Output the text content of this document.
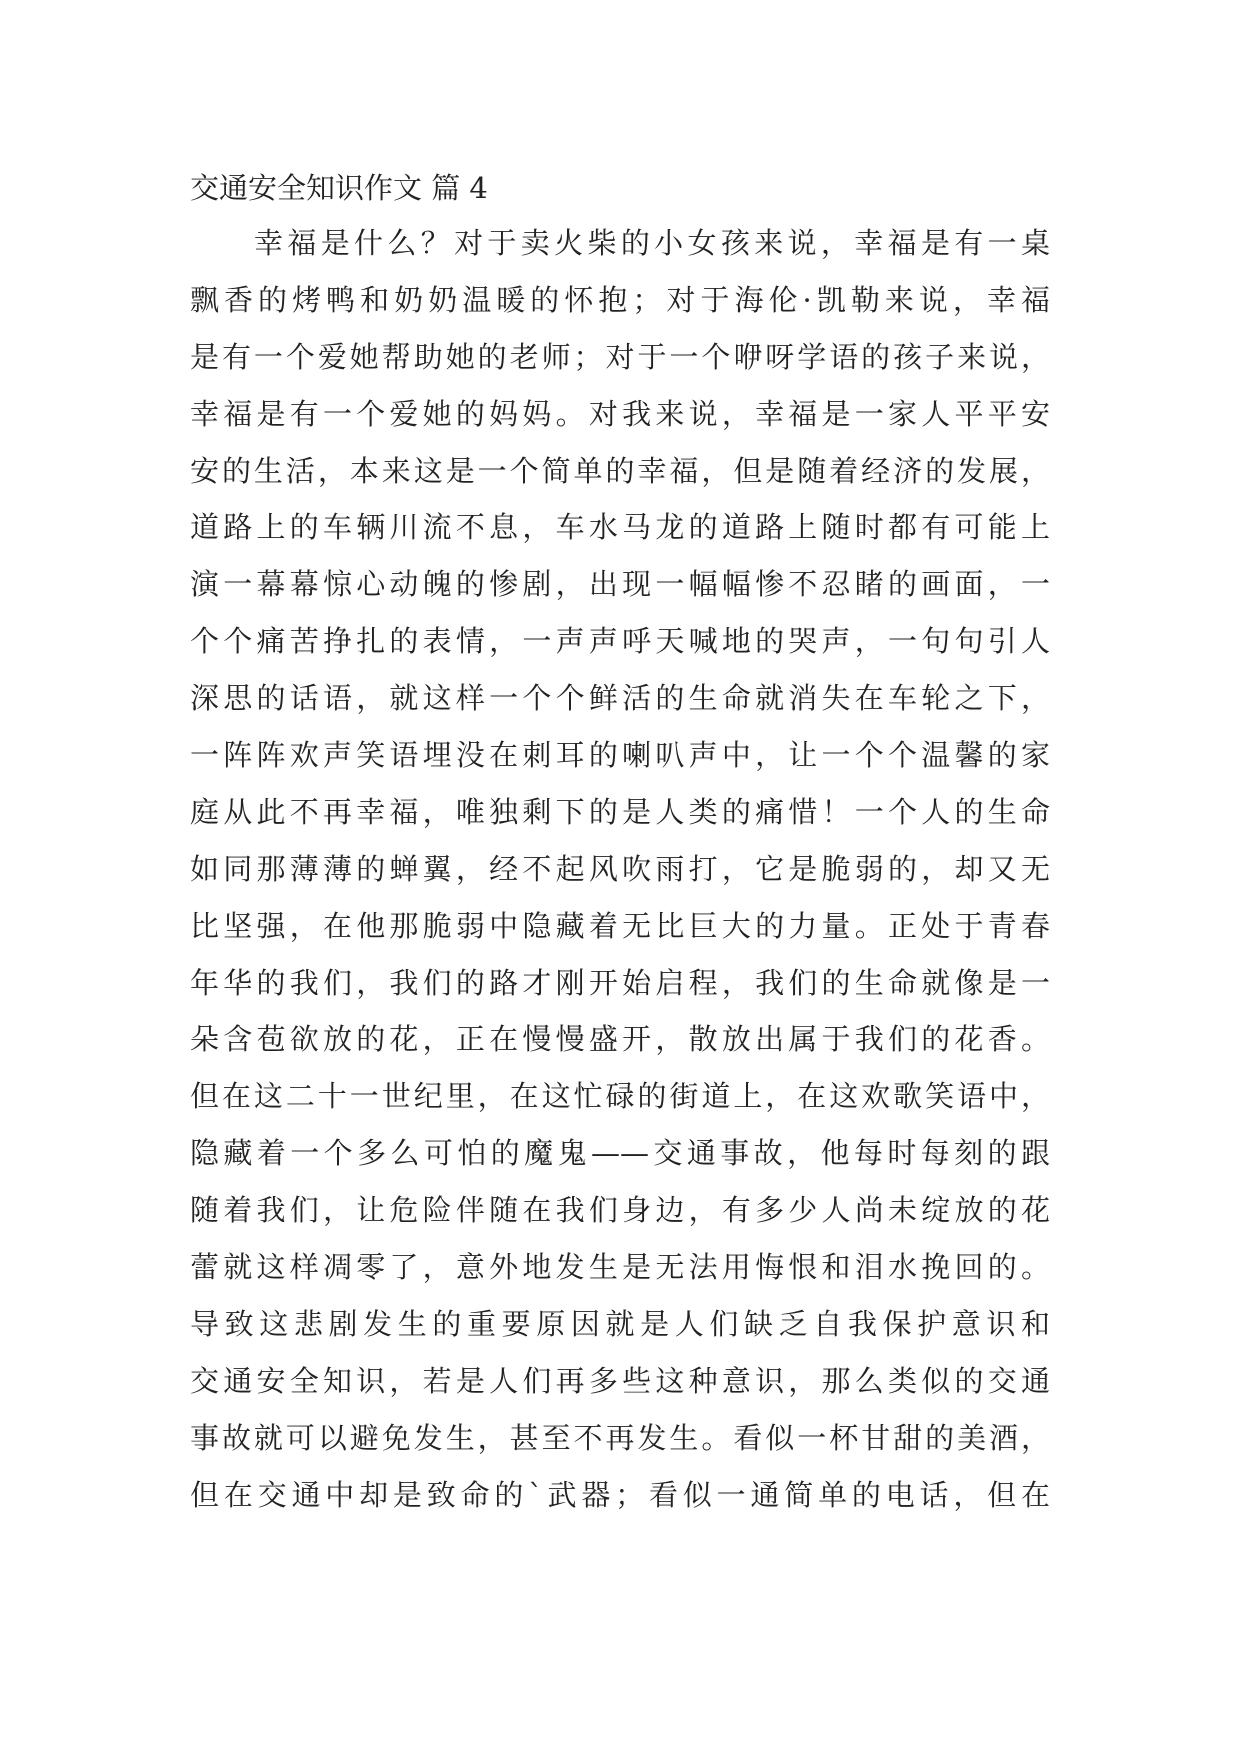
交通安全知识作文 篇 4
幸福是什么？对于卖火柴的小女孩来说，幸福是有一桌
飘香的烤鸭和奶奶温暖的怀抱；对于海伦·凯勒来说，幸福
是有一个爱她帮助她的老师；对于一个咿呀学语的孩子来说，
幸福是有一个爱她的妈妈。对我来说，幸福是一家人平平安
安的生活，本来这是一个简单的幸福，但是随着经济的发展，
道路上的车辆川流不息，车水马龙的道路上随时都有可能上
演一幕幕惊心动魄的惨剧，出现一幅幅惨不忍睹的画面，一
个个痛苦挣扎的表情，一声声呼天喊地的哭声，一句句引人
深思的话语，就这样一个个鲜活的生命就消失在车轮之下，
一阵阵欢声笑语埋没在刺耳的喇叭声中，让一个个温馨的家
庭从此不再幸福，唯独剩下的是人类的痛惜！一个人的生命
如同那薄薄的蝉翼，经不起风吹雨打，它是脆弱的，却又无
比坚强，在他那脆弱中隐藏着无比巨大的力量。正处于青春
年华的我们，我们的路才刚开始启程，我们的生命就像是一
朵含苞欲放的花，正在慢慢盛开，散放出属于我们的花香。
但在这二十一世纪里，在这忙碌的街道上，在这欢歌笑语中，
隐藏着一个多么可怕的魔鬼——交通事故，他每时每刻的跟
随着我们，让危险伴随在我们身边，有多少人尚未绽放的花
蕾就这样凋零了，意外地发生是无法用悔恨和泪水挽回的。
导致这悲剧发生的重要原因就是人们缺乏自我保护意识和
交通安全知识，若是人们再多些这种意识，那么类似的交通
事故就可以避免发生，甚至不再发生。看似一杯甘甜的美酒，
但在交通中却是致命的`武器；看似一通简单的电话，但在
